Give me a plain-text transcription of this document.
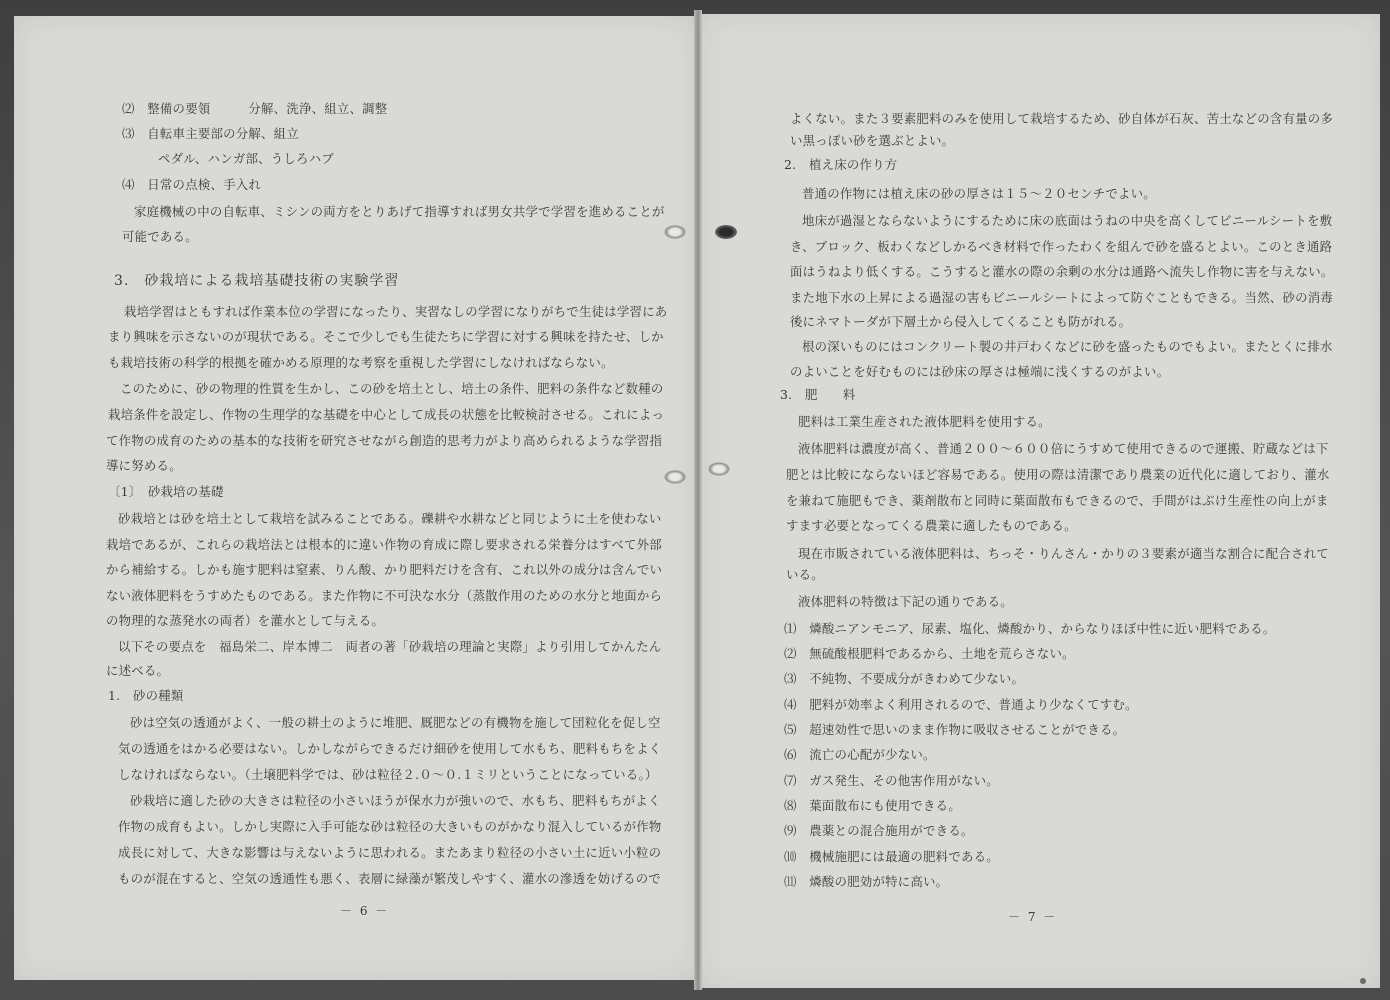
⑵　整備の要領　　　分解、洗浄、組立、調整
⑶　自転車主要部の分解、組立
ペダル、ハンガ部、うしろハブ
⑷　日常の点検、手入れ
家庭機械の中の自転車、ミシンの両方をとりあげて指導すれば男女共学で学習を進めることが
可能である。
3.　砂栽培による栽培基礎技術の実験学習
栽培学習はともすれば作業本位の学習になったり、実習なしの学習になりがちで生徒は学習にあ
まり興味を示さないのが現状である。そこで少しでも生徒たちに学習に対する興味を持たせ、しか
も栽培技術の科学的根拠を確かめる原理的な考察を重視した学習にしなければならない。
このために、砂の物理的性質を生かし、この砂を培土とし、培土の条件、肥料の条件など数種の
栽培条件を設定し、作物の生理学的な基礎を中心として成長の状態を比較検討させる。これによっ
て作物の成育のための基本的な技術を研究させながら創造的思考力がより高められるような学習指
導に努める。
〔1〕　砂栽培の基礎
砂栽培とは砂を培土として栽培を試みることである。礫耕や水耕などと同じように土を使わない
栽培であるが、これらの栽培法とは根本的に違い作物の育成に際し要求される栄養分はすべて外部
から補給する。しかも施す肥料は窒素、りん酸、かり肥料だけを含有、これ以外の成分は含んでい
ない液体肥料をうすめたものである。また作物に不可決な水分（蒸散作用のための水分と地面から
の物理的な蒸発水の両者）を灌水として与える。
以下その要点を　福島栄二、岸本博二　両者の著「砂栽培の理論と実際」より引用してかんたん
に述べる。
1.　砂の種類
砂は空気の透通がよく、一般の耕土のように堆肥、厩肥などの有機物を施して団粒化を促し空
気の透通をはかる必要はない。しかしながらできるだけ細砂を使用して水もち、肥料もちをよく
しなければならない。（土壌肥料学では、砂は粒径２.０～０.１ミリということになっている。）
砂栽培に適した砂の大きさは粒径の小さいほうが保水力が強いので、水もち、肥料もちがよく
作物の成育もよい。しかし実際に入手可能な砂は粒径の大きいものがかなり混入しているが作物
成長に対して、大きな影響は与えないように思われる。またあまり粒径の小さい土に近い小粒の
ものが混在すると、空気の透通性も悪く、表層に緑藻が繁茂しやすく、灌水の滲透を妨げるので
－ 6 －
よくない。また３要素肥料のみを使用して栽培するため、砂自体が石灰、苦土などの含有量の多
い黒っぽい砂を選ぶとよい。
2.　植え床の作り方
普通の作物には植え床の砂の厚さは１５～２０センチでよい。
地床が過湿とならないようにするために床の底面はうねの中央を高くしてビニールシートを敷
き、ブロック、板わくなどしかるべき材料で作ったわくを組んで砂を盛るとよい。このとき通路
面はうねより低くする。こうすると灌水の際の余剰の水分は通路へ流失し作物に害を与えない。
また地下水の上昇による過湿の害もビニールシートによって防ぐこともできる。当然、砂の消毒
後にネマトーダが下層土から侵入してくることも防がれる。
根の深いものにはコンクリート製の井戸わくなどに砂を盛ったものでもよい。またとくに排水
のよいことを好むものには砂床の厚さは極端に浅くするのがよい。
3.　肥　　料
肥料は工業生産された液体肥料を使用する。
液体肥料は濃度が高く、普通２００～６００倍にうすめて使用できるので運搬、貯蔵などは下
肥とは比較にならないほど容易である。使用の際は清潔であり農業の近代化に適しており、灌水
を兼ねて施肥もでき、薬剤散布と同時に葉面散布もできるので、手間がはぶけ生産性の向上がま
すます必要となってくる農業に適したものである。
現在市販されている液体肥料は、ちっそ・りんさん・かりの３要素が適当な割合に配合されて
いる。
液体肥料の特徴は下記の通りである。
⑴　燐酸ニアンモニア、尿素、塩化、燐酸かり、からなりほぼ中性に近い肥料である。
⑵　無硫酸根肥料であるから、土地を荒らさない。
⑶　不純物、不要成分がきわめて少ない。
⑷　肥料が効率よく利用されるので、普通より少なくてすむ。
⑸　超速効性で思いのまま作物に吸収させることができる。
⑹　流亡の心配が少ない。
⑺　ガス発生、その他害作用がない。
⑻　葉面散布にも使用できる。
⑼　農薬との混合施用ができる。
⑽　機械施肥には最適の肥料である。
⑾　燐酸の肥効が特に高い。
－ 7 －
